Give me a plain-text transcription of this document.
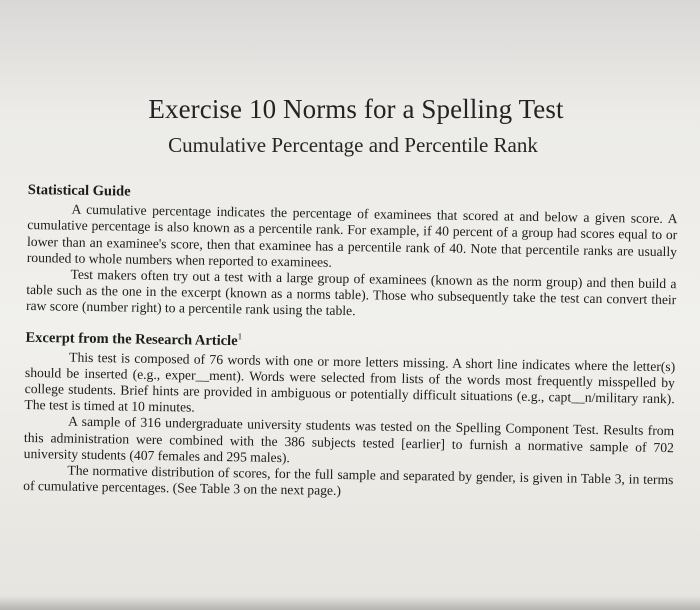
Exercise 10 Norms for a Spelling Test
Cumulative Percentage and Percentile Rank
Statistical Guide

A cumulative percentage indicates the percentage of examinees that scored at and below a given score. A cumulative percentage is also known as a percentile rank. For example, if 40 percent of a group had scores equal to or lower than an examinee's score, then that examinee has a percentile rank of 40. Note that percentile ranks are usually rounded to whole numbers when reported to examinees.

Test makers often try out a test with a large group of examinees (known as the norm group) and then build a table such as the one in the excerpt (known as a norms table). Those who subsequently take the test can convert their raw score (number right) to a percentile rank using the table.

Excerpt from the Research Article$^1$

This test is composed of 76 words with one or more letters missing. A short line indicates where the letter(s) should be inserted (e.g., exper__ment). Words were selected from lists of the words most frequently misspelled by college students. Brief hints are provided in ambiguous or potentially difficult situations (e.g., capt__n/military rank). The test is timed at 10 minutes.

A sample of 316 undergraduate university students was tested on the Spelling Component Test. Results from this administration were combined with the 386 subjects tested [earlier] to furnish a normative sample of 702 university students (407 females and 295 males).

The normative distribution of scores, for the full sample and separated by gender, is given in Table 3, in terms of cumulative percentages. (See Table 3 on the next page.)
